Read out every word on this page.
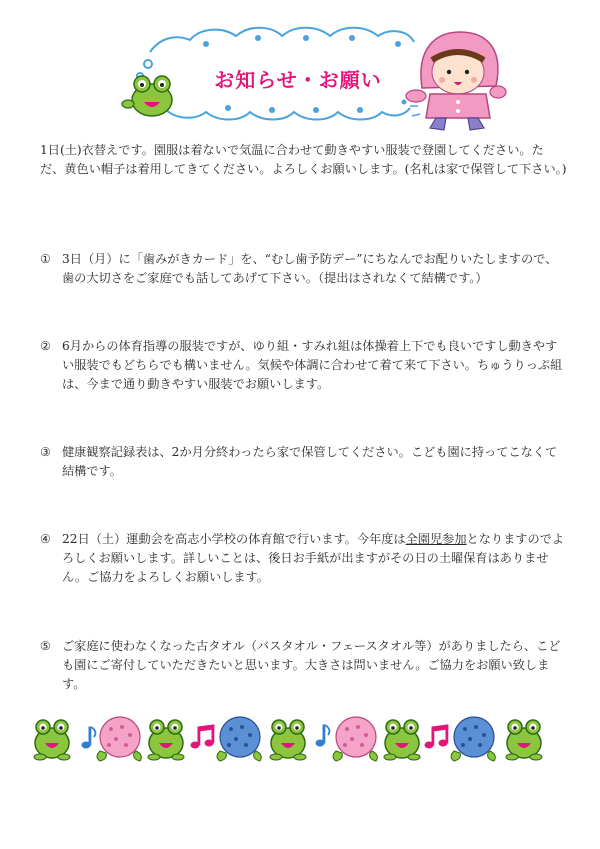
お知らせ・お願い

1日(土)衣替えです。園服は着ないで気温に合わせて動きやすい服装で登園してください。ただ、黄色い帽子は着用してきてください。よろしくお願いします。(名札は家で保管して下さい。)

① 3日（月）に「歯みがきカード」を、“むし歯予防デー”にちなんでお配りいたしますので、歯の大切さをご家庭でも話してあげて下さい。（提出はされなくて結構です。）
② 6月からの体育指導の服装ですが、ゆり組・すみれ組は体操着上下でも良いですし動きやすい服装でもどちらでも構いません。気候や体調に合わせて着て来て下さい。ちゅうりっぷ組は、今まで通り動きやすい服装でお願いします。
③ 健康観察記録表は、2か月分終わったら家で保管してください。こども園に持ってこなくて結構です。
④ 22日（土）運動会を高志小学校の体育館で行います。今年度は全園児参加となりますのでよろしくお願いします。詳しいことは、後日お手紙が出ますがその日の土曜保育はありません。ご協力をよろしくお願いします。
⑤ ご家庭に使わなくなった古タオル（バスタオル・フェースタオル等）がありましたら、こども園にご寄付していただきたいと思います。大きさは問いません。ご協力をお願い致します。
